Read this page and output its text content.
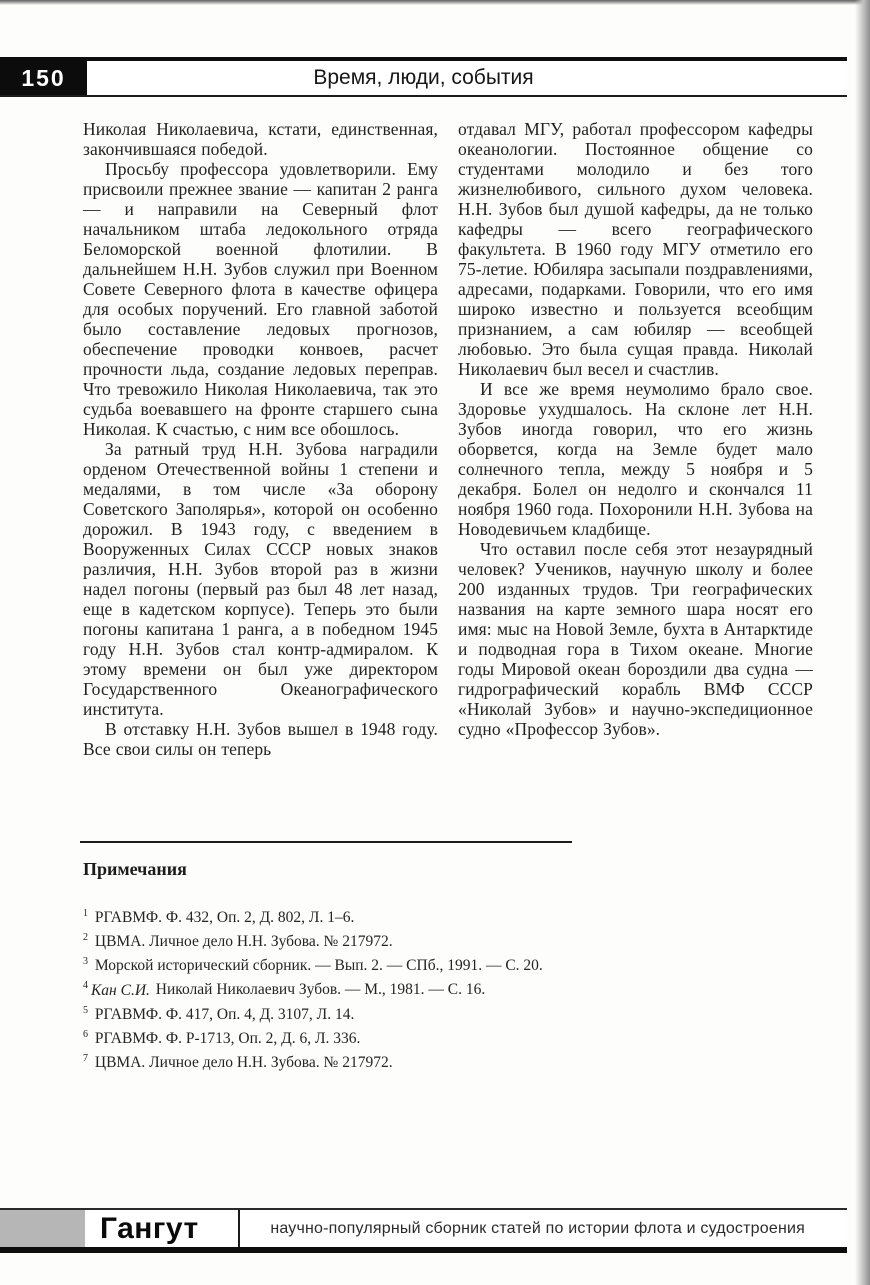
150	Время, люди, события

Николая Николаевича, кстати, единственная, закончившаяся победой.

Просьбу профессора удовлетворили. Ему присвоили прежнее звание — капитан 2 ранга — и направили на Северный флот начальником штаба ледокольного отряда Беломорской военной флотилии. В дальнейшем Н.Н. Зубов служил при Военном Совете Северного флота в качестве офицера для особых поручений. Его главной заботой было составление ледовых прогнозов, обеспечение проводки конвоев, расчет прочности льда, создание ледовых переправ. Что тревожило Николая Николаевича, так это судьба воевавшего на фронте старшего сына Николая. К счастью, с ним все обошлось.

За ратный труд Н.Н. Зубова наградили орденом Отечественной войны 1 степени и медалями, в том числе «За оборону Советского Заполярья», которой он особенно дорожил. В 1943 году, с введением в Вооруженных Силах СССР новых знаков различия, Н.Н. Зубов второй раз в жизни надел погоны (первый раз был 48 лет назад, еще в кадетском корпусе). Теперь это были погоны капитана 1 ранга, а в победном 1945 году Н.Н. Зубов стал контр-адмиралом. К этому времени он был уже директором Государственного Океанографического института.

В отставку Н.Н. Зубов вышел в 1948 году. Все свои силы он теперь

отдавал МГУ, работал профессором кафедры океанологии. Постоянное общение со студентами молодило и без того жизнелюбивого, сильного духом человека. Н.Н. Зубов был душой кафедры, да не только кафедры — всего географического факультета. В 1960 году МГУ отметило его 75-летие. Юбиляра засыпали поздравлениями, адресами, подарками. Говорили, что его имя широко известно и пользуется всеобщим признанием, а сам юбиляр — всеобщей любовью. Это была сущая правда. Николай Николаевич был весел и счастлив.

И все же время неумолимо брало свое. Здоровье ухудшалось. На склоне лет Н.Н. Зубов иногда говорил, что его жизнь оборвется, когда на Земле будет мало солнечного тепла, между 5 ноября и 5 декабря. Болел он недолго и скончался 11 ноября 1960 года. Похоронили Н.Н. Зубова на Новодевичьем кладбище.

Что оставил после себя этот незаурядный человек? Учеников, научную школу и более 200 изданных трудов. Три географических названия на карте земного шара носят его имя: мыс на Новой Земле, бухта в Антарктиде и подводная гора в Тихом океане. Многие годы Мировой океан бороздили два судна — гидрографический корабль ВМФ СССР «Николай Зубов» и научно-экспедиционное судно «Профессор Зубов».

Примечания
$^1$ РГАВМФ. Ф. 432, Оп. 2, Д. 802, Л. 1–6.
$^2$ ЦВМА. Личное дело Н.Н. Зубова. № 217972.
$^3$ Морской исторический сборник. — Вып. 2. — СПб., 1991. — С. 20.
$^4$ Кан С.И. Николай Николаевич Зубов. — М., 1981. — С. 16.
$^5$ РГАВМФ. Ф. 417, Оп. 4, Д. 3107, Л. 14.
$^6$ РГАВМФ. Ф. Р-1713, Оп. 2, Д. 6, Л. 336.
$^7$ ЦВМА. Личное дело Н.Н. Зубова. № 217972.
Гангут	научно-популярный сборник статей по истории флота и судостроения
